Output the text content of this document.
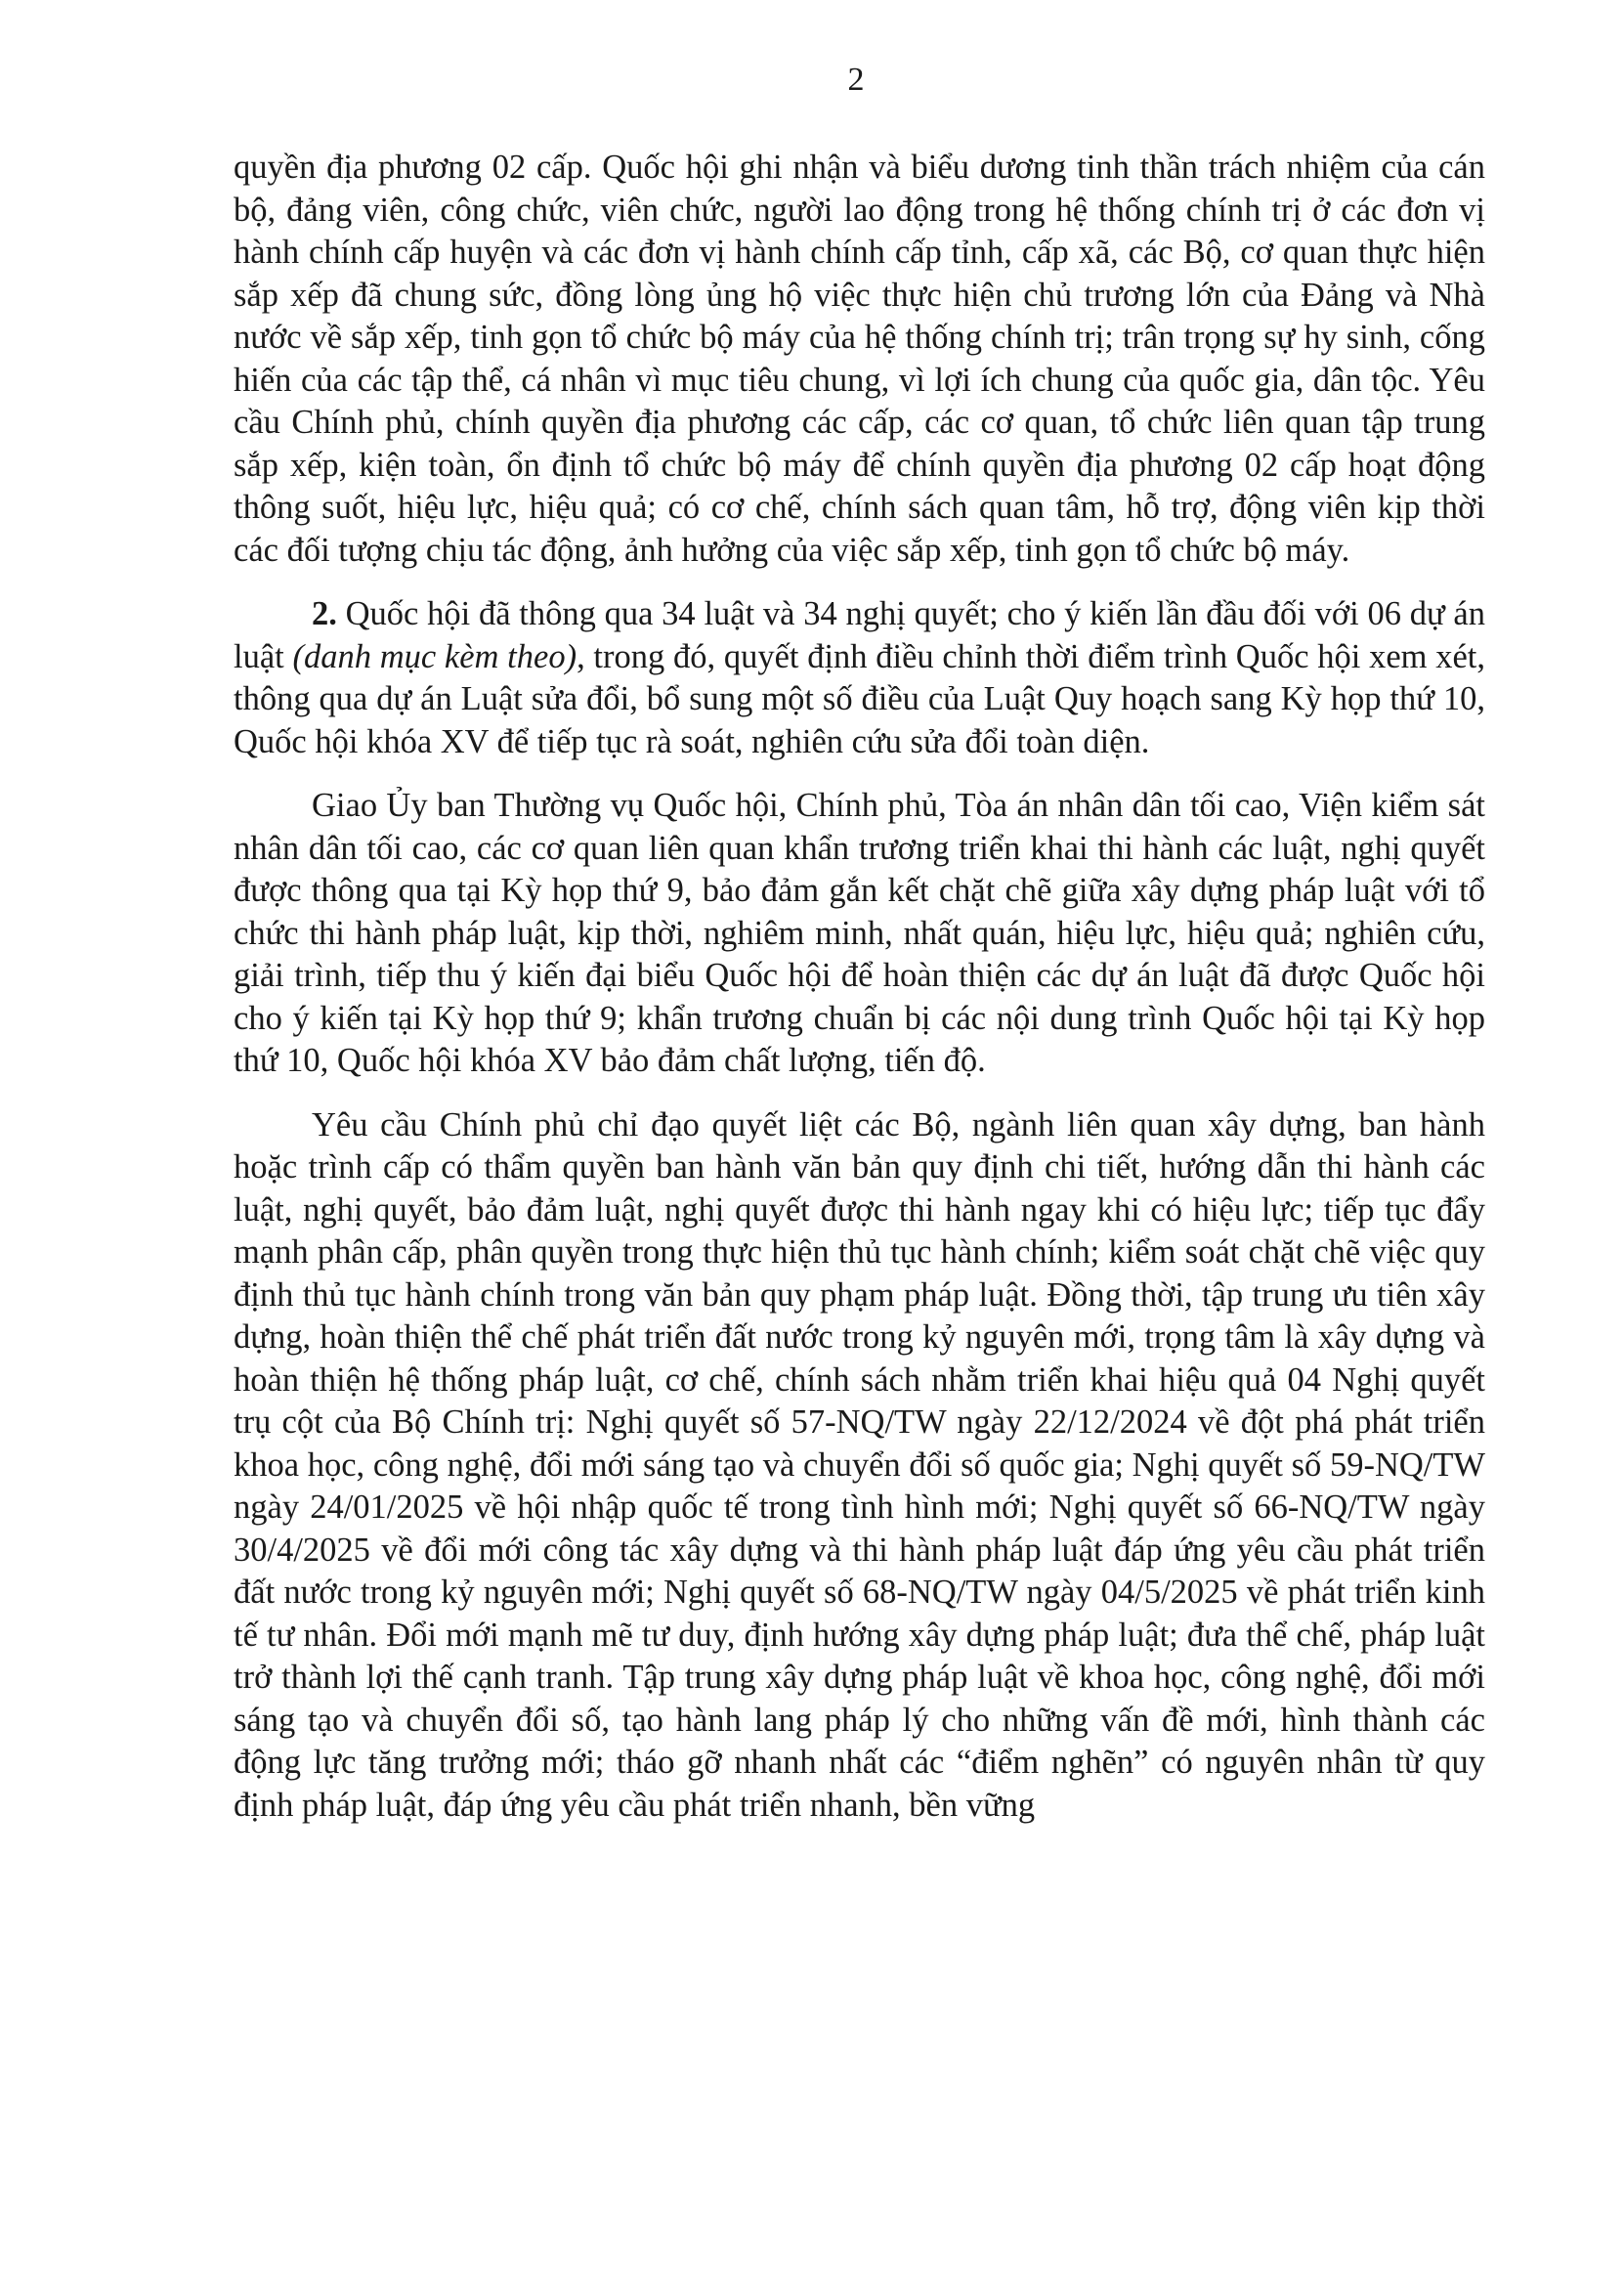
2

quyền địa phương 02 cấp. Quốc hội ghi nhận và biểu dương tinh thần trách nhiệm của cán bộ, đảng viên, công chức, viên chức, người lao động trong hệ thống chính trị ở các đơn vị hành chính cấp huyện và các đơn vị hành chính cấp tỉnh, cấp xã, các Bộ, cơ quan thực hiện sắp xếp đã chung sức, đồng lòng ủng hộ việc thực hiện chủ trương lớn của Đảng và Nhà nước về sắp xếp, tinh gọn tổ chức bộ máy của hệ thống chính trị; trân trọng sự hy sinh, cống hiến của các tập thể, cá nhân vì mục tiêu chung, vì lợi ích chung của quốc gia, dân tộc. Yêu cầu Chính phủ, chính quyền địa phương các cấp, các cơ quan, tổ chức liên quan tập trung sắp xếp, kiện toàn, ổn định tổ chức bộ máy để chính quyền địa phương 02 cấp hoạt động thông suốt, hiệu lực, hiệu quả; có cơ chế, chính sách quan tâm, hỗ trợ, động viên kịp thời các đối tượng chịu tác động, ảnh hưởng của việc sắp xếp, tinh gọn tổ chức bộ máy.

2. Quốc hội đã thông qua 34 luật và 34 nghị quyết; cho ý kiến lần đầu đối với 06 dự án luật (danh mục kèm theo), trong đó, quyết định điều chỉnh thời điểm trình Quốc hội xem xét, thông qua dự án Luật sửa đổi, bổ sung một số điều của Luật Quy hoạch sang Kỳ họp thứ 10, Quốc hội khóa XV để tiếp tục rà soát, nghiên cứu sửa đổi toàn diện.

Giao Ủy ban Thường vụ Quốc hội, Chính phủ, Tòa án nhân dân tối cao, Viện kiểm sát nhân dân tối cao, các cơ quan liên quan khẩn trương triển khai thi hành các luật, nghị quyết được thông qua tại Kỳ họp thứ 9, bảo đảm gắn kết chặt chẽ giữa xây dựng pháp luật với tổ chức thi hành pháp luật, kịp thời, nghiêm minh, nhất quán, hiệu lực, hiệu quả; nghiên cứu, giải trình, tiếp thu ý kiến đại biểu Quốc hội để hoàn thiện các dự án luật đã được Quốc hội cho ý kiến tại Kỳ họp thứ 9; khẩn trương chuẩn bị các nội dung trình Quốc hội tại Kỳ họp thứ 10, Quốc hội khóa XV bảo đảm chất lượng, tiến độ.

Yêu cầu Chính phủ chỉ đạo quyết liệt các Bộ, ngành liên quan xây dựng, ban hành hoặc trình cấp có thẩm quyền ban hành văn bản quy định chi tiết, hướng dẫn thi hành các luật, nghị quyết, bảo đảm luật, nghị quyết được thi hành ngay khi có hiệu lực; tiếp tục đẩy mạnh phân cấp, phân quyền trong thực hiện thủ tục hành chính; kiểm soát chặt chẽ việc quy định thủ tục hành chính trong văn bản quy phạm pháp luật. Đồng thời, tập trung ưu tiên xây dựng, hoàn thiện thể chế phát triển đất nước trong kỷ nguyên mới, trọng tâm là xây dựng và hoàn thiện hệ thống pháp luật, cơ chế, chính sách nhằm triển khai hiệu quả 04 Nghị quyết trụ cột của Bộ Chính trị: Nghị quyết số 57-NQ/TW ngày 22/12/2024 về đột phá phát triển khoa học, công nghệ, đổi mới sáng tạo và chuyển đổi số quốc gia; Nghị quyết số 59-NQ/TW ngày 24/01/2025 về hội nhập quốc tế trong tình hình mới; Nghị quyết số 66-NQ/TW ngày 30/4/2025 về đổi mới công tác xây dựng và thi hành pháp luật đáp ứng yêu cầu phát triển đất nước trong kỷ nguyên mới; Nghị quyết số 68-NQ/TW ngày 04/5/2025 về phát triển kinh tế tư nhân. Đổi mới mạnh mẽ tư duy, định hướng xây dựng pháp luật; đưa thể chế, pháp luật trở thành lợi thế cạnh tranh. Tập trung xây dựng pháp luật về khoa học, công nghệ, đổi mới sáng tạo và chuyển đổi số, tạo hành lang pháp lý cho những vấn đề mới, hình thành các động lực tăng trưởng mới; tháo gỡ nhanh nhất các “điểm nghẽn” có nguyên nhân từ quy định pháp luật, đáp ứng yêu cầu phát triển nhanh, bền vững
